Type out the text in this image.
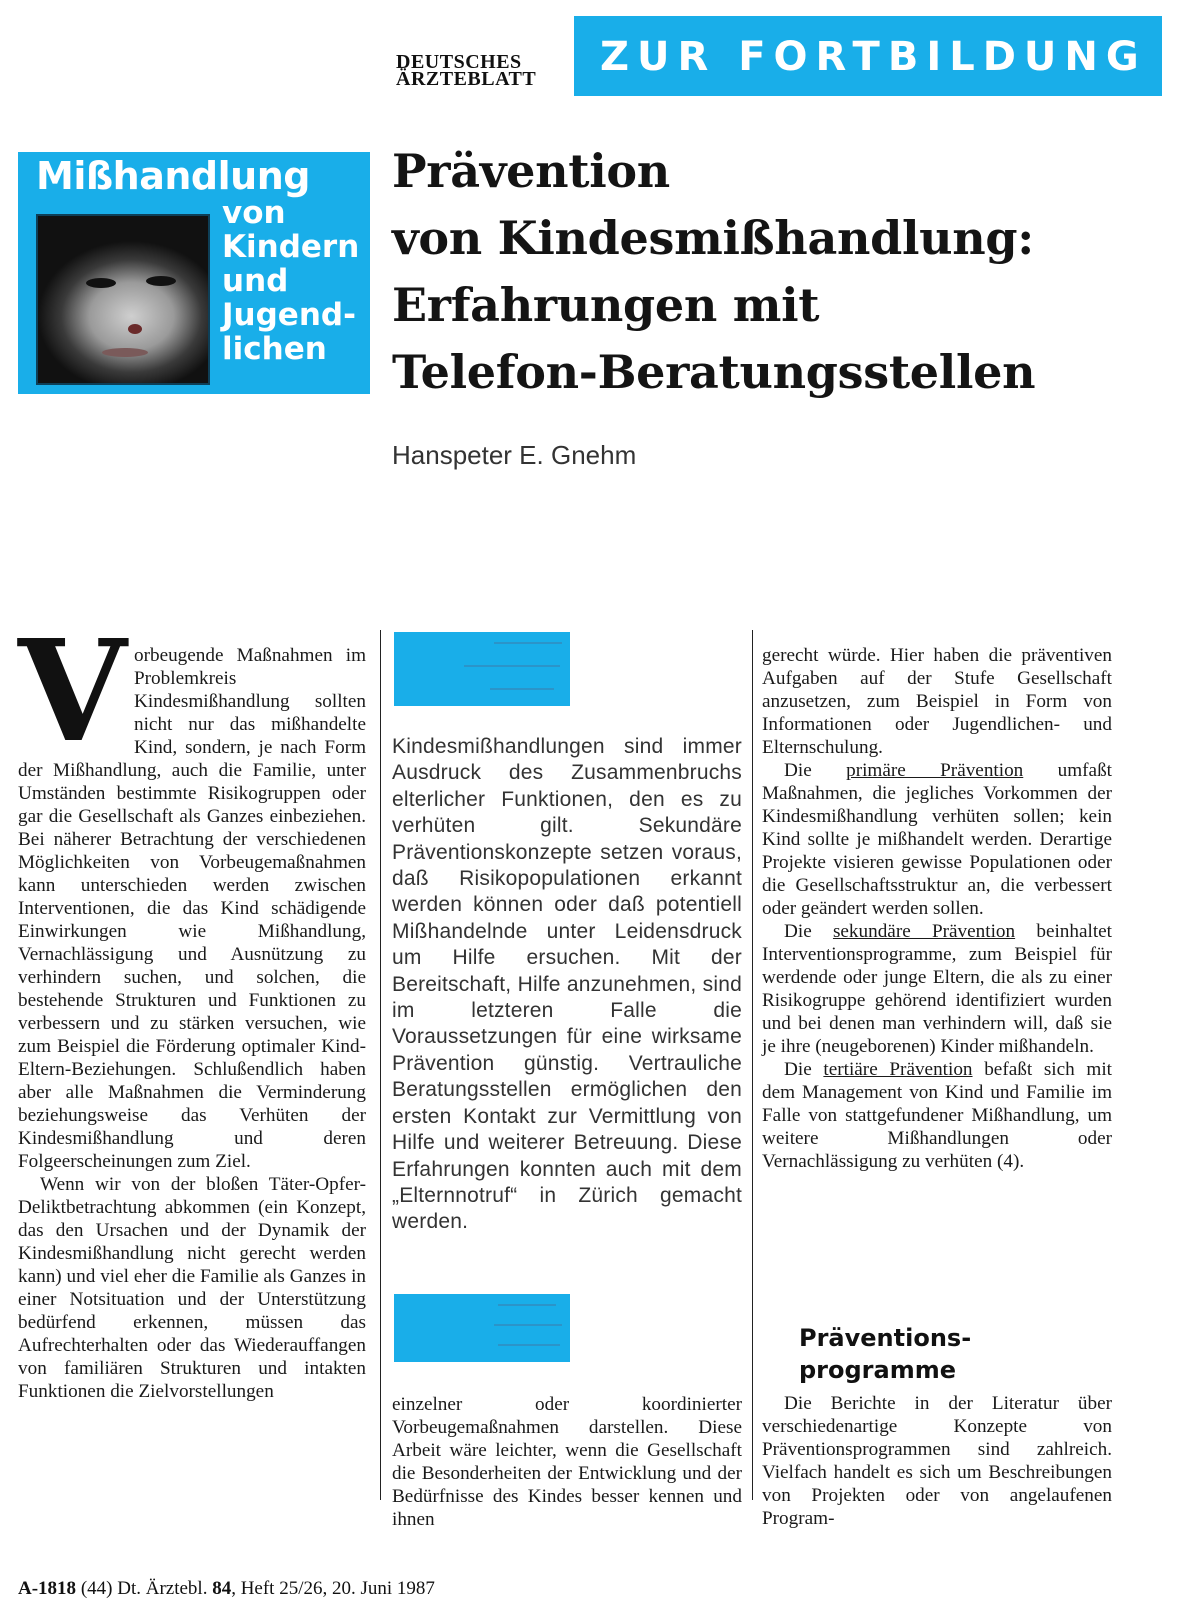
DEUTSCHES
ÄRZTEBLATT ZUR FORTBILDUNG
Mißhandlung
von
Kindern
und
Jugend-
lichen
Prävention
von Kindesmißhandlung:
Erfahrungen mit
Telefon-Beratungsstellen
Hanspeter E. Gnehm
V orbeugende Maßnahmen im Problemkreis Kindesmißhandlung sollten nicht nur das mißhandelte Kind, sondern, je nach Form der Mißhandlung, auch die Familie, unter Umständen bestimmte Risikogruppen oder gar die Gesellschaft als Ganzes einbeziehen. Bei näherer Betrachtung der verschiedenen Möglichkeiten von Vorbeugemaßnahmen kann unterschieden werden zwischen Interventionen, die das Kind schädigende Einwirkungen wie Mißhandlung, Vernachlässigung und Ausnützung zu verhindern suchen, und solchen, die bestehende Strukturen und Funktionen zu verbessern und zu stärken versuchen, wie zum Beispiel die Förderung optimaler Kind-Eltern-Beziehungen. Schlußendlich haben aber alle Maßnahmen die Verminderung beziehungsweise das Verhüten der Kindesmißhandlung und deren Folgeerscheinungen zum Ziel.

Wenn wir von der bloßen Täter-Opfer-Deliktbetrachtung abkommen (ein Konzept, das den Ursachen und der Dynamik der Kindesmißhandlung nicht gerecht werden kann) und viel eher die Familie als Ganzes in einer Notsituation und der Unterstützung bedürfend erkennen, müssen das Aufrechterhalten oder das Wiederauffangen von familiären Strukturen und intakten Funktionen die Zielvorstellungen

Kindesmißhandlungen sind immer Ausdruck des Zusammenbruchs elterlicher Funktionen, den es zu verhüten gilt. Sekundäre Präventionskonzepte setzen voraus, daß Risikopopulationen erkannt werden können oder daß potentiell Mißhandelnde unter Leidensdruck um Hilfe ersuchen. Mit der Bereitschaft, Hilfe anzunehmen, sind im letzteren Falle die Voraussetzungen für eine wirksame Prävention günstig. Vertrauliche Beratungsstellen ermöglichen den ersten Kontakt zur Vermittlung von Hilfe und weiterer Betreuung. Diese Erfahrungen konnten auch mit dem „Elternnotruf“ in Zürich gemacht werden.

einzelner oder koordinierter Vorbeugemaßnahmen darstellen. Diese Arbeit wäre leichter, wenn die Gesellschaft die Besonderheiten der Entwicklung und der Bedürfnisse des Kindes besser kennen und ihnen

gerecht würde. Hier haben die präventiven Aufgaben auf der Stufe Gesellschaft anzusetzen, zum Beispiel in Form von Informationen oder Jugendlichen- und Elternschulung.

Die primäre Prävention umfaßt Maßnahmen, die jegliches Vorkommen der Kindesmißhandlung verhüten sollen; kein Kind sollte je mißhandelt werden. Derartige Projekte visieren gewisse Populationen oder die Gesellschaftsstruktur an, die verbessert oder geändert werden sollen.

Die sekundäre Prävention beinhaltet Interventionsprogramme, zum Beispiel für werdende oder junge Eltern, die als zu einer Risikogruppe gehörend identifiziert wurden und bei denen man verhindern will, daß sie je ihre (neugeborenen) Kinder mißhandeln.

Die tertiäre Prävention befaßt sich mit dem Management von Kind und Familie im Falle von stattgefundener Mißhandlung, um weitere Mißhandlungen oder Vernachlässigung zu verhüten (4).

Präventions-
programme

Die Berichte in der Literatur über verschiedenartige Konzepte von Präventionsprogrammen sind zahlreich. Vielfach handelt es sich um Beschreibungen von Projekten oder von angelaufenen Program-

A-1818 (44) Dt. Ärztebl. 84, Heft 25/26, 20. Juni 1987
